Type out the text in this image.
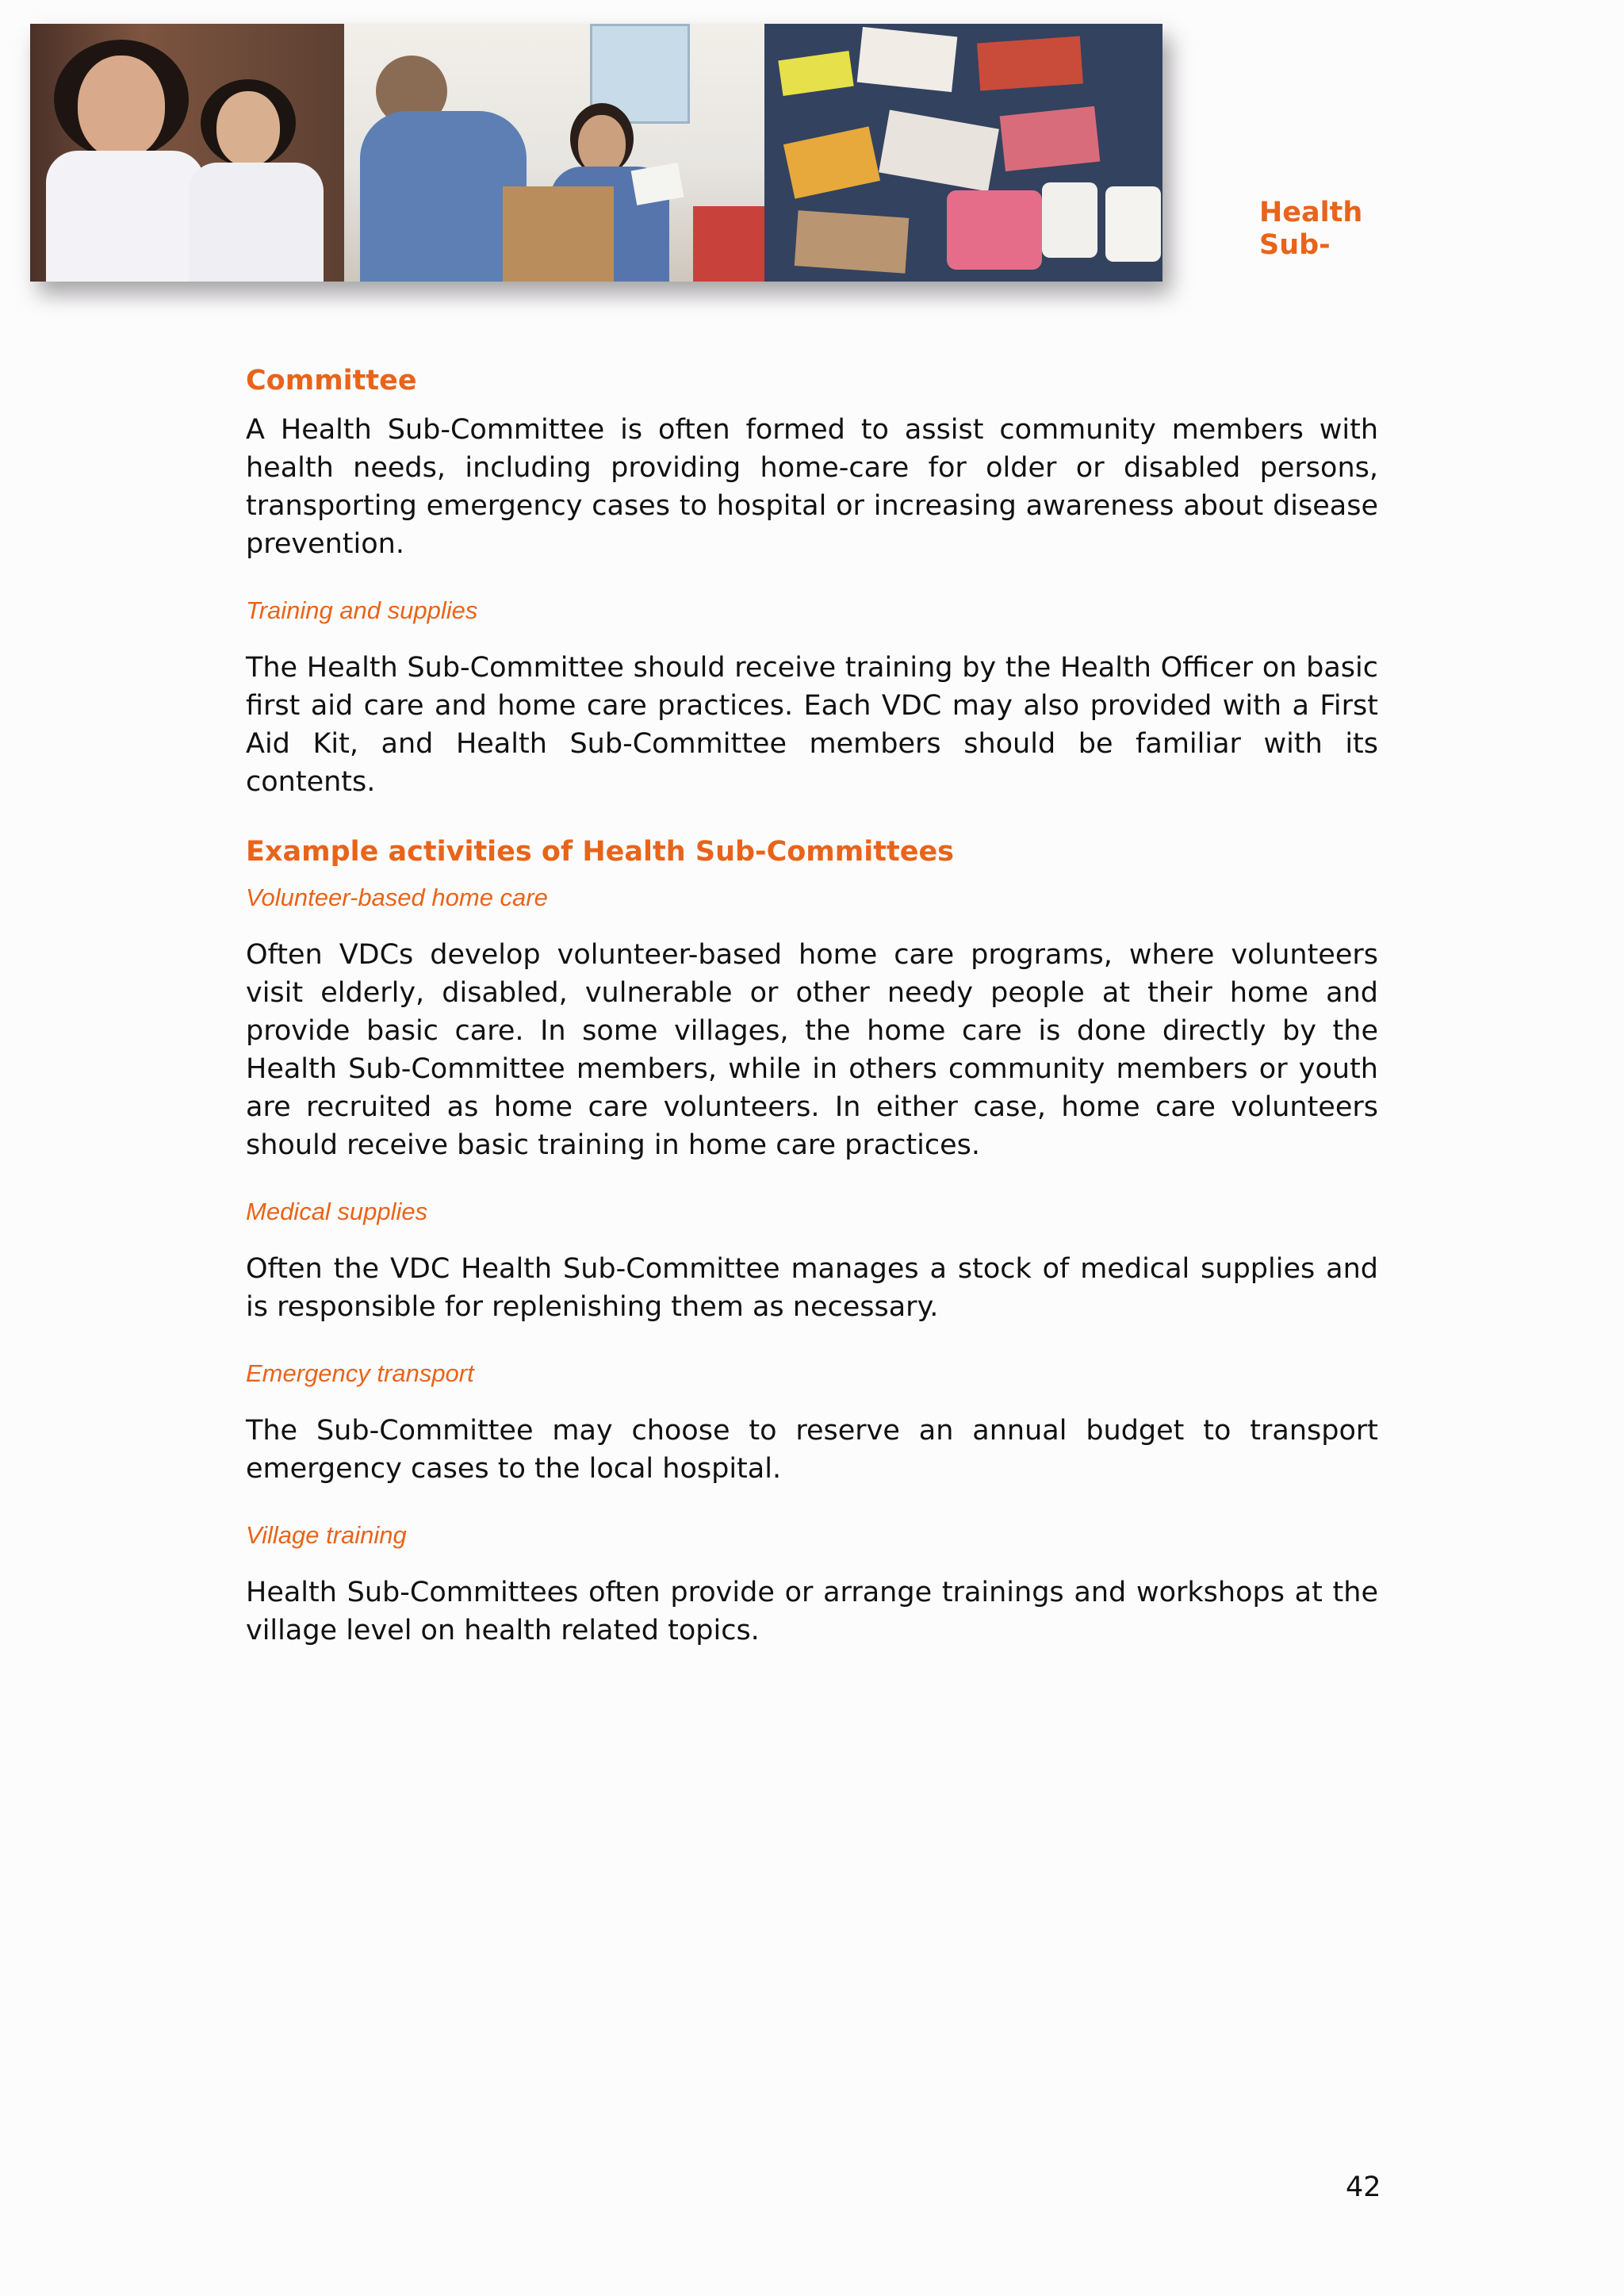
Health Sub-
Committee

A Health Sub-Committee is often formed to assist community members with health needs, including providing home-care for older or disabled persons, transporting emergency cases to hospital or increasing awareness about disease prevention.

Training and supplies

The Health Sub-Committee should receive training by the Health Officer on basic first aid care and home care practices. Each VDC may also provided with a First Aid Kit, and Health Sub-Committee members should be familiar with its contents.

Example activities of Health Sub-Committees

Volunteer-based home care

Often VDCs develop volunteer-based home care programs, where volunteers visit elderly, disabled, vulnerable or other needy people at their home and provide basic care. In some villages, the home care is done directly by the Health Sub-Committee members, while in others community members or youth are recruited as home care volunteers. In either case, home care volunteers should receive basic training in home care practices.

Medical supplies

Often the VDC Health Sub-Committee manages a stock of medical supplies and is responsible for replenishing them as necessary.

Emergency transport

The Sub-Committee may choose to reserve an annual budget to transport emergency cases to the local hospital.

Village training

Health Sub-Committees often provide or arrange trainings and workshops at the village level on health related topics.

42
